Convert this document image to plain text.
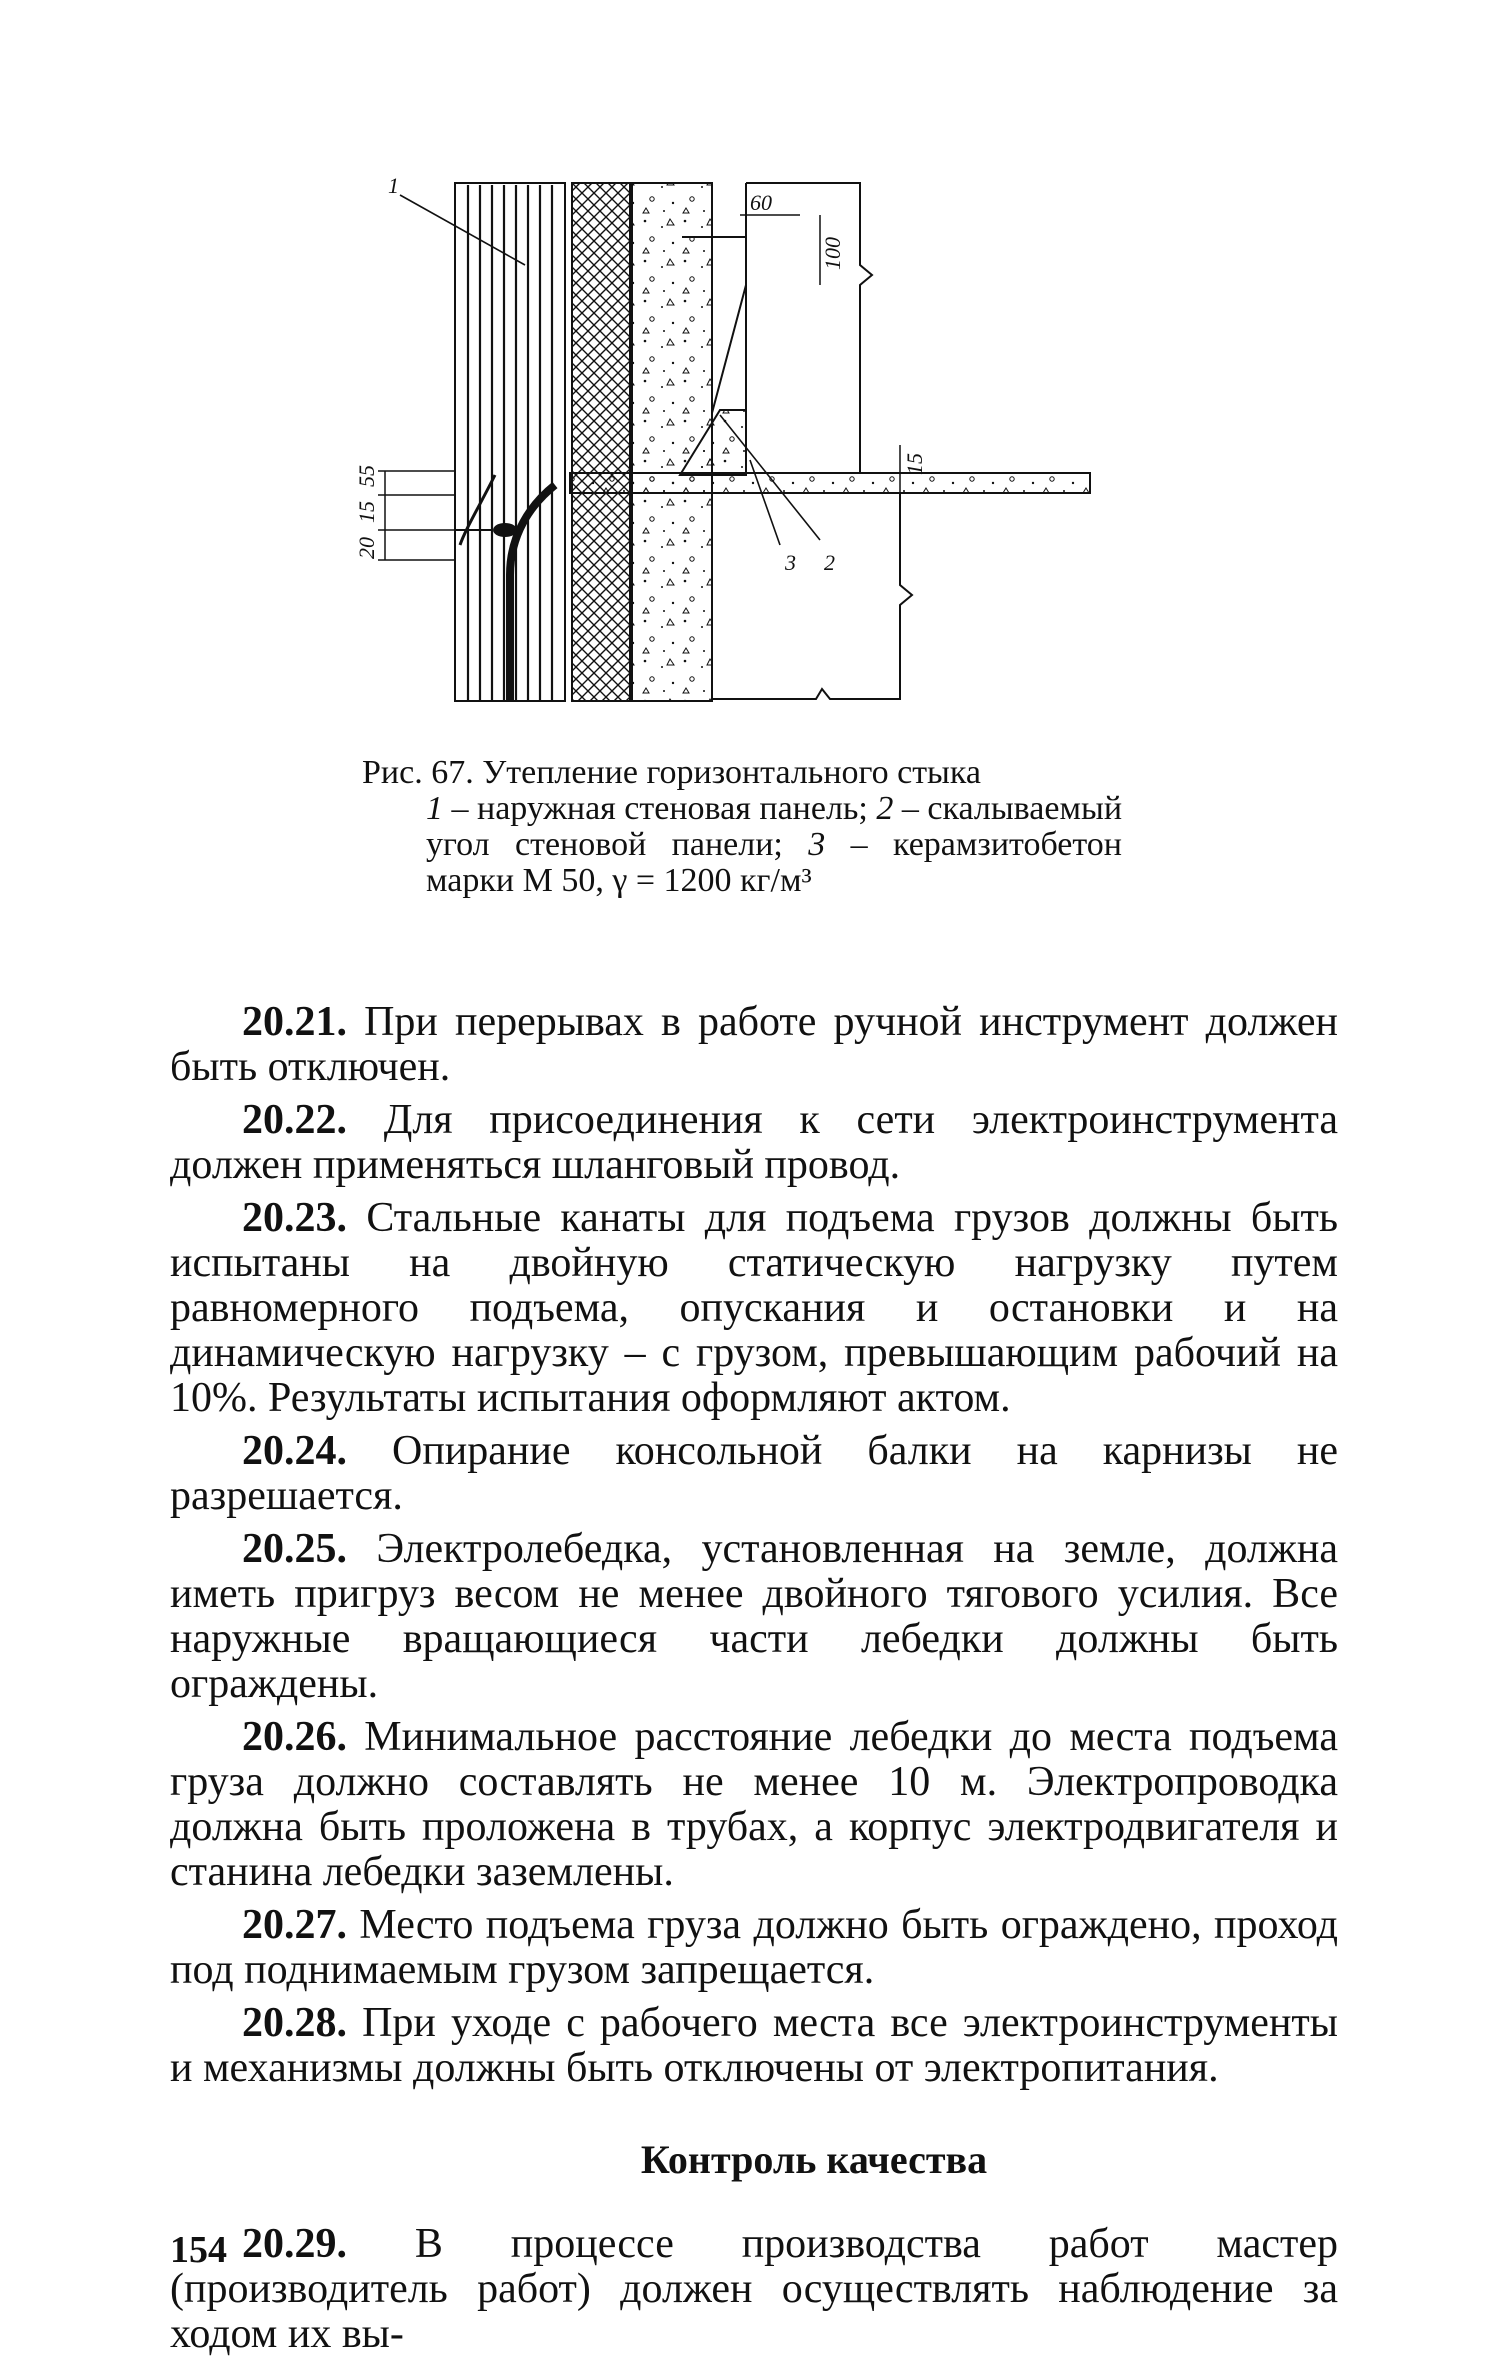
1
3 2
60
100
15
55
15
20
Рис. 67. Утепление горизонтального стыка
1 – наружная стеновая панель; 2 – скалываемый угол стеновой панели; 3 – керамзитобетон марки М 50, γ = 1200 кг/м³

20.21. При перерывах в работе ручной инструмент должен быть отключен.

20.22. Для присоединения к сети электроинструмента должен применяться шланговый провод.

20.23. Стальные канаты для подъема грузов должны быть испытаны на двойную статическую нагрузку путем равномерного подъема, опускания и остановки и на динамическую нагрузку – с грузом, превышающим рабочий на 10%. Результаты испытания оформляют актом.

20.24. Опирание консольной балки на карнизы не разрешается.

20.25. Электролебедка, установленная на земле, должна иметь пригруз весом не менее двойного тягового усилия. Все наружные вращающиеся части лебедки должны быть ограждены.

20.26. Минимальное расстояние лебедки до места подъема груза должно составлять не менее 10 м. Электропроводка должна быть проложена в трубах, а корпус электродвигателя и станина лебедки заземлены.

20.27. Место подъема груза должно быть ограждено, проход под поднимаемым грузом запрещается.

20.28. При уходе с рабочего места все электроинструменты и механизмы должны быть отключены от электропитания.

Контроль качества

20.29. В процессе производства работ мастер (производитель работ) должен осуществлять наблюдение за ходом их вы-

154
